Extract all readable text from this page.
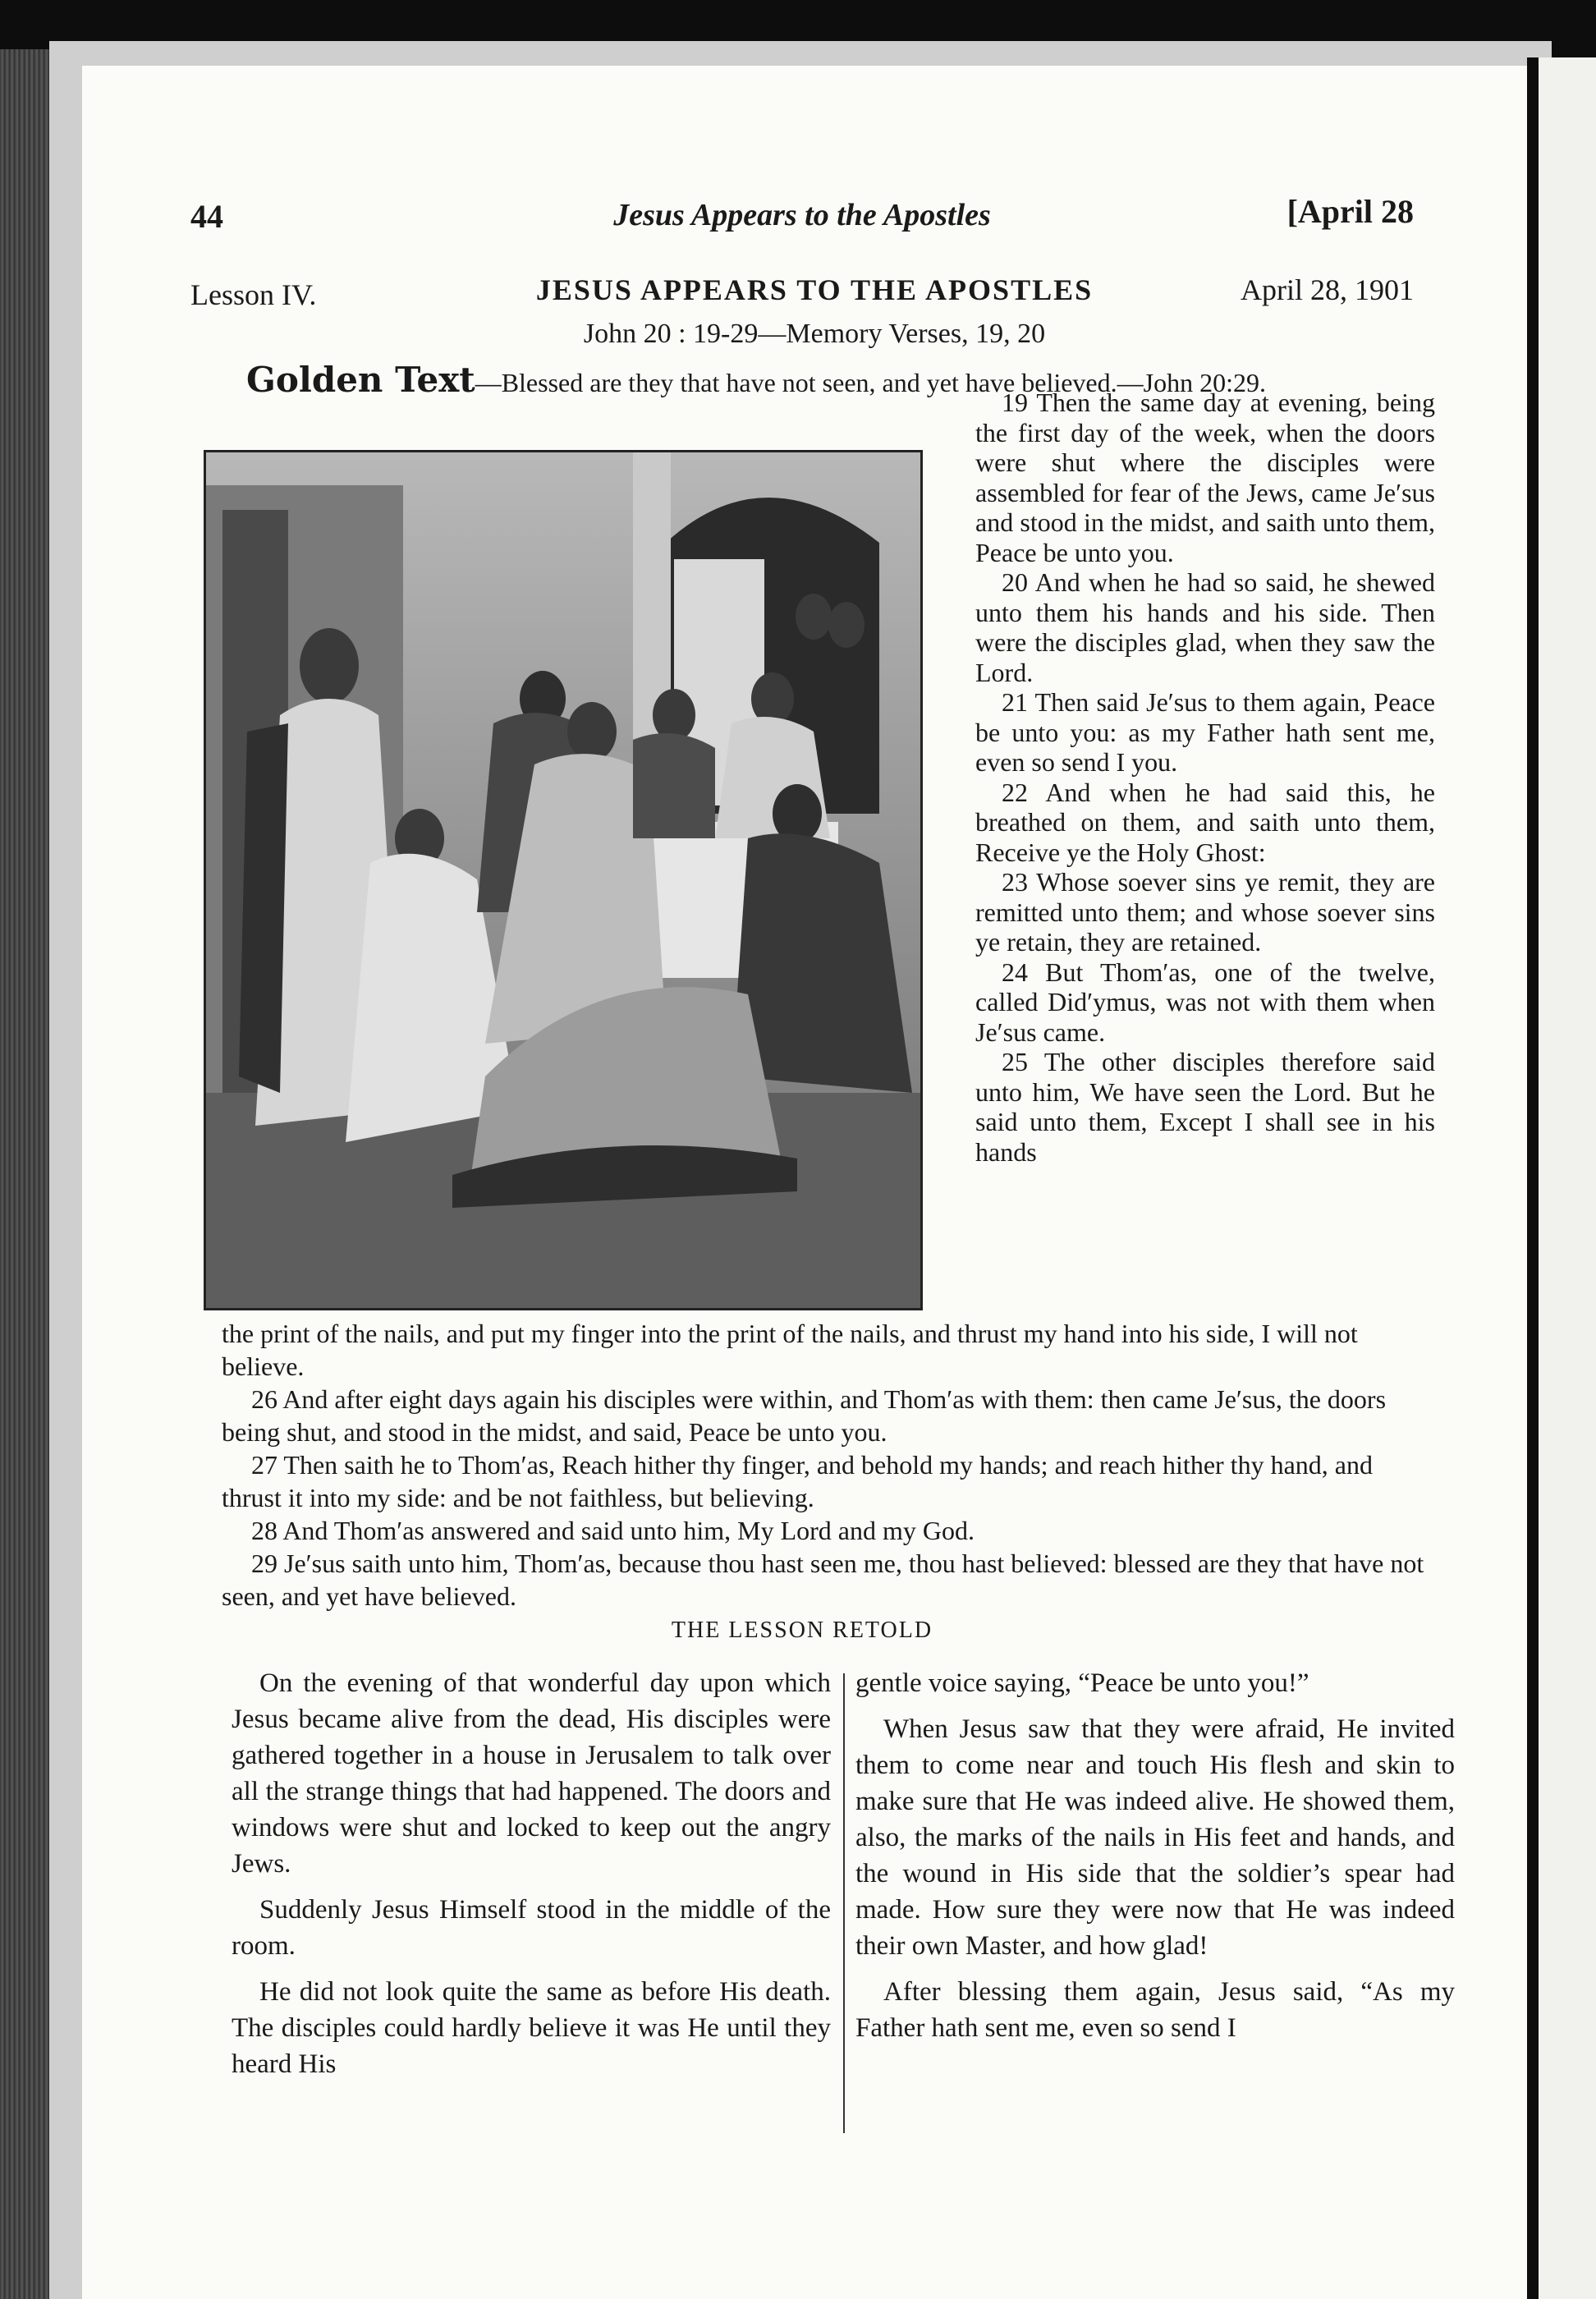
44	Jesus Appears to the Apostles	[April 28
Lesson IV.	JESUS APPEARS TO THE APOSTLES	April 28, 1901
John 20 : 19-29—Memory Verses, 19, 20
Golden Text—Blessed are they that have not seen, and yet have believed.—John 20:29.

19 Then the same day at evening, being the first day of the week, when the doors were shut where the disciples were assembled for fear of the Jews, came Je′sus and stood in the midst, and saith unto them, Peace be unto you.

20 And when he had so said, he shewed unto them his hands and his side. Then were the disciples glad, when they saw the Lord.

21 Then said Je′sus to them again, Peace be unto you: as my Father hath sent me, even so send I you.

22 And when he had said this, he breathed on them, and saith unto them, Receive ye the Holy Ghost:

23 Whose soever sins ye remit, they are remitted unto them; and whose soever sins ye retain, they are retained.

24 But Thom′as, one of the twelve, called Did′ymus, was not with them when Je′sus came.

25 The other disciples therefore said unto him, We have seen the Lord. But he said unto them, Except I shall see in his hands

the print of the nails, and put my finger into the print of the nails, and thrust my hand into his side, I will not believe.

26 And after eight days again his disciples were within, and Thom′as with them: then came Je′sus, the doors being shut, and stood in the midst, and said, Peace be unto you.

27 Then saith he to Thom′as, Reach hither thy finger, and behold my hands; and reach hither thy hand, and thrust it into my side: and be not faithless, but believing.

28 And Thom′as answered and said unto him, My Lord and my God.

29 Je′sus saith unto him, Thom′as, because thou hast seen me, thou hast believed: blessed are they that have not seen, and yet have believed.

THE LESSON RETOLD

On the evening of that wonderful day upon which Jesus became alive from the dead, His disciples were gathered together in a house in Jerusalem to talk over all the strange things that had happened. The doors and windows were shut and locked to keep out the angry Jews.

Suddenly Jesus Himself stood in the middle of the room.

He did not look quite the same as before His death. The disciples could hardly believe it was He until they heard His

gentle voice saying, “Peace be unto you!”

When Jesus saw that they were afraid, He invited them to come near and touch His flesh and skin to make sure that He was indeed alive. He showed them, also, the marks of the nails in His feet and hands, and the wound in His side that the soldier’s spear had made. How sure they were now that He was indeed their own Master, and how glad!

After blessing them again, Jesus said, “As my Father hath sent me, even so send I
